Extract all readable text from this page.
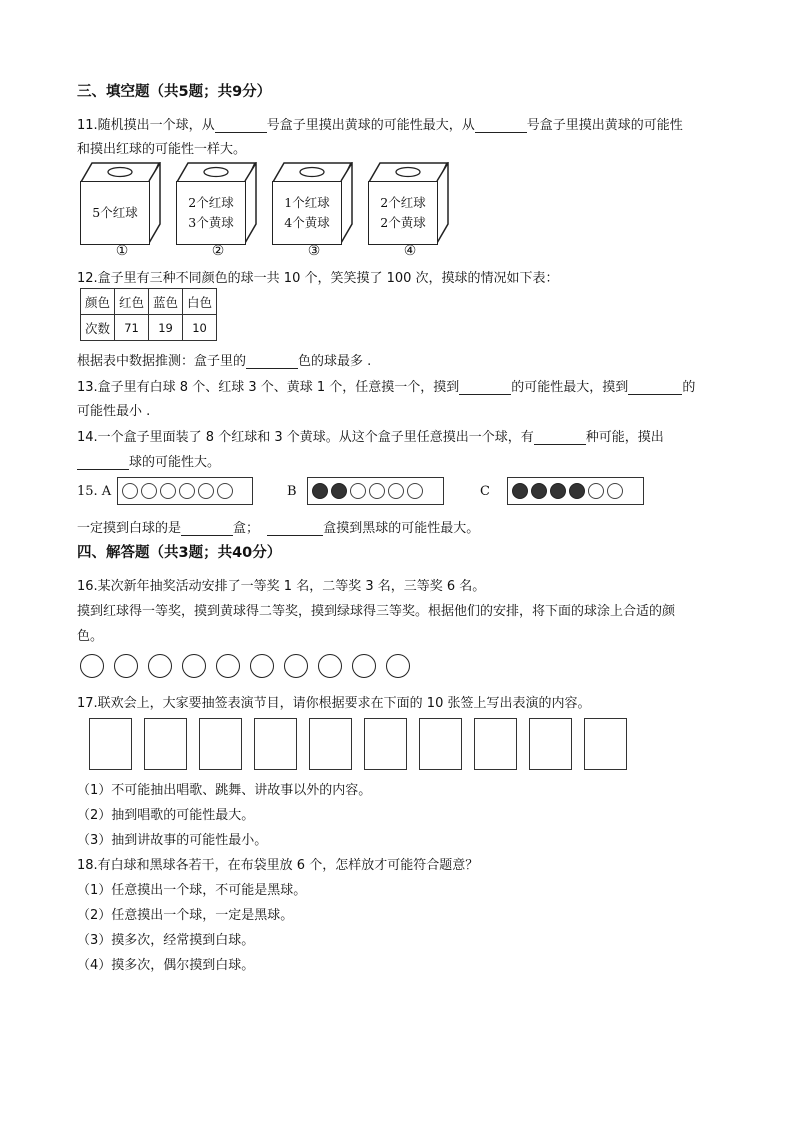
三、填空题（共5题；共9分）
11.随机摸出一个球，从	号盒子里摸出黄球的可能性最大，从	号盒子里摸出黄球的可能性
和摸出红球的可能性一样大。
5个红球
2个红球
3个黄球
1个红球
4个黄球
2个红球
2个黄球
①	②	③	④
12.盒子里有三种不同颜色的球一共 10 个，笑笑摸了 100 次，摸球的情况如下表：
颜色	红色	蓝色	白色
次数	71	19	10
根据表中数据推测：盒子里的	色的球最多 .
13.盒子里有白球 8 个、红球 3 个、黄球 1 个，任意摸一个，摸到	的可能性最大，摸到	的
可能性最小 .
14.一个盒子里面装了 8 个红球和 3 个黄球。从这个盒子里任意摸出一个球，有	种可能，摸出
球的可能性大。
15. A	B	C
一定摸到白球的是	盒；	盒摸到黑球的可能性最大。
四、解答题（共3题；共40分）
16.某次新年抽奖活动安排了一等奖 1 名，二等奖 3 名，三等奖 6 名。
摸到红球得一等奖，摸到黄球得二等奖，摸到绿球得三等奖。根据他们的安排，将下面的球涂上合适的颜
色。
17.联欢会上，大家要抽签表演节目，请你根据要求在下面的 10 张签上写出表演的内容。
（1）不可能抽出唱歌、跳舞、讲故事以外的内容。
（2）抽到唱歌的可能性最大。
（3）抽到讲故事的可能性最小。
18.有白球和黑球各若干，在布袋里放 6 个，怎样放才可能符合题意？
（1）任意摸出一个球，不可能是黑球。
（2）任意摸出一个球，一定是黑球。
（3）摸多次，经常摸到白球。
（4）摸多次，偶尔摸到白球。
